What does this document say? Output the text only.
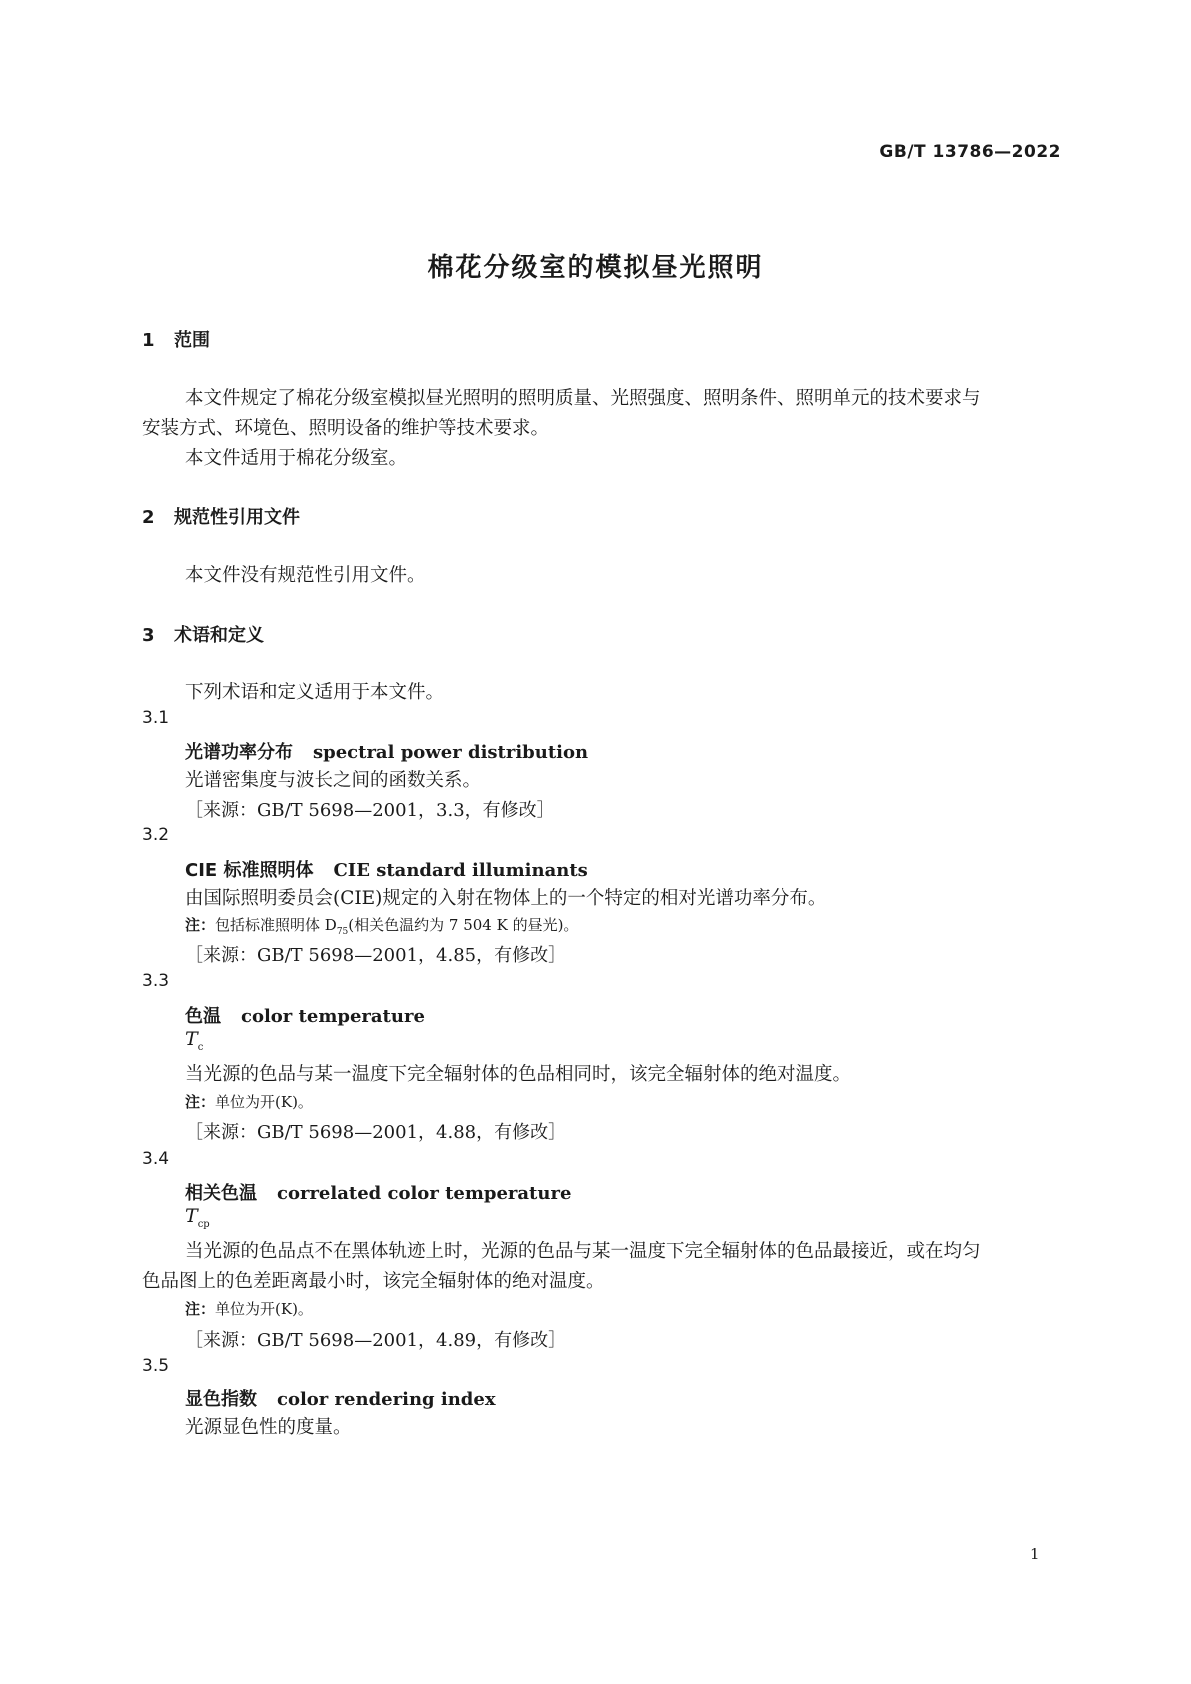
GB/T 13786—2022
棉花分级室的模拟昼光照明
1 范围
本文件规定了棉花分级室模拟昼光照明的照明质量、光照强度、照明条件、照明单元的技术要求与
安装方式、环境色、照明设备的维护等技术要求。
本文件适用于棉花分级室。
2 规范性引用文件
本文件没有规范性引用文件。
3 术语和定义
下列术语和定义适用于本文件。
3.1
光谱功率分布 spectral power distribution
光谱密集度与波长之间的函数关系。
［来源：GB/T 5698—2001，3.3，有修改］
3.2
CIE 标准照明体 CIE standard illuminants
由国际照明委员会(CIE)规定的入射在物体上的一个特定的相对光谱功率分布。
注：包括标准照明体 $D_{75}$(相关色温约为 7 504 K 的昼光)。
［来源：GB/T 5698—2001，4.85，有修改］
3.3
色温 color temperature
$T_c$
当光源的色品与某一温度下完全辐射体的色品相同时，该完全辐射体的绝对温度。
注：单位为开(K)。
［来源：GB/T 5698—2001，4.88，有修改］
3.4
相关色温 correlated color temperature
$T_{cp}$
当光源的色品点不在黑体轨迹上时，光源的色品与某一温度下完全辐射体的色品最接近，或在均匀
色品图上的色差距离最小时，该完全辐射体的绝对温度。
注：单位为开(K)。
［来源：GB/T 5698—2001，4.89，有修改］
3.5
显色指数 color rendering index
光源显色性的度量。
1
